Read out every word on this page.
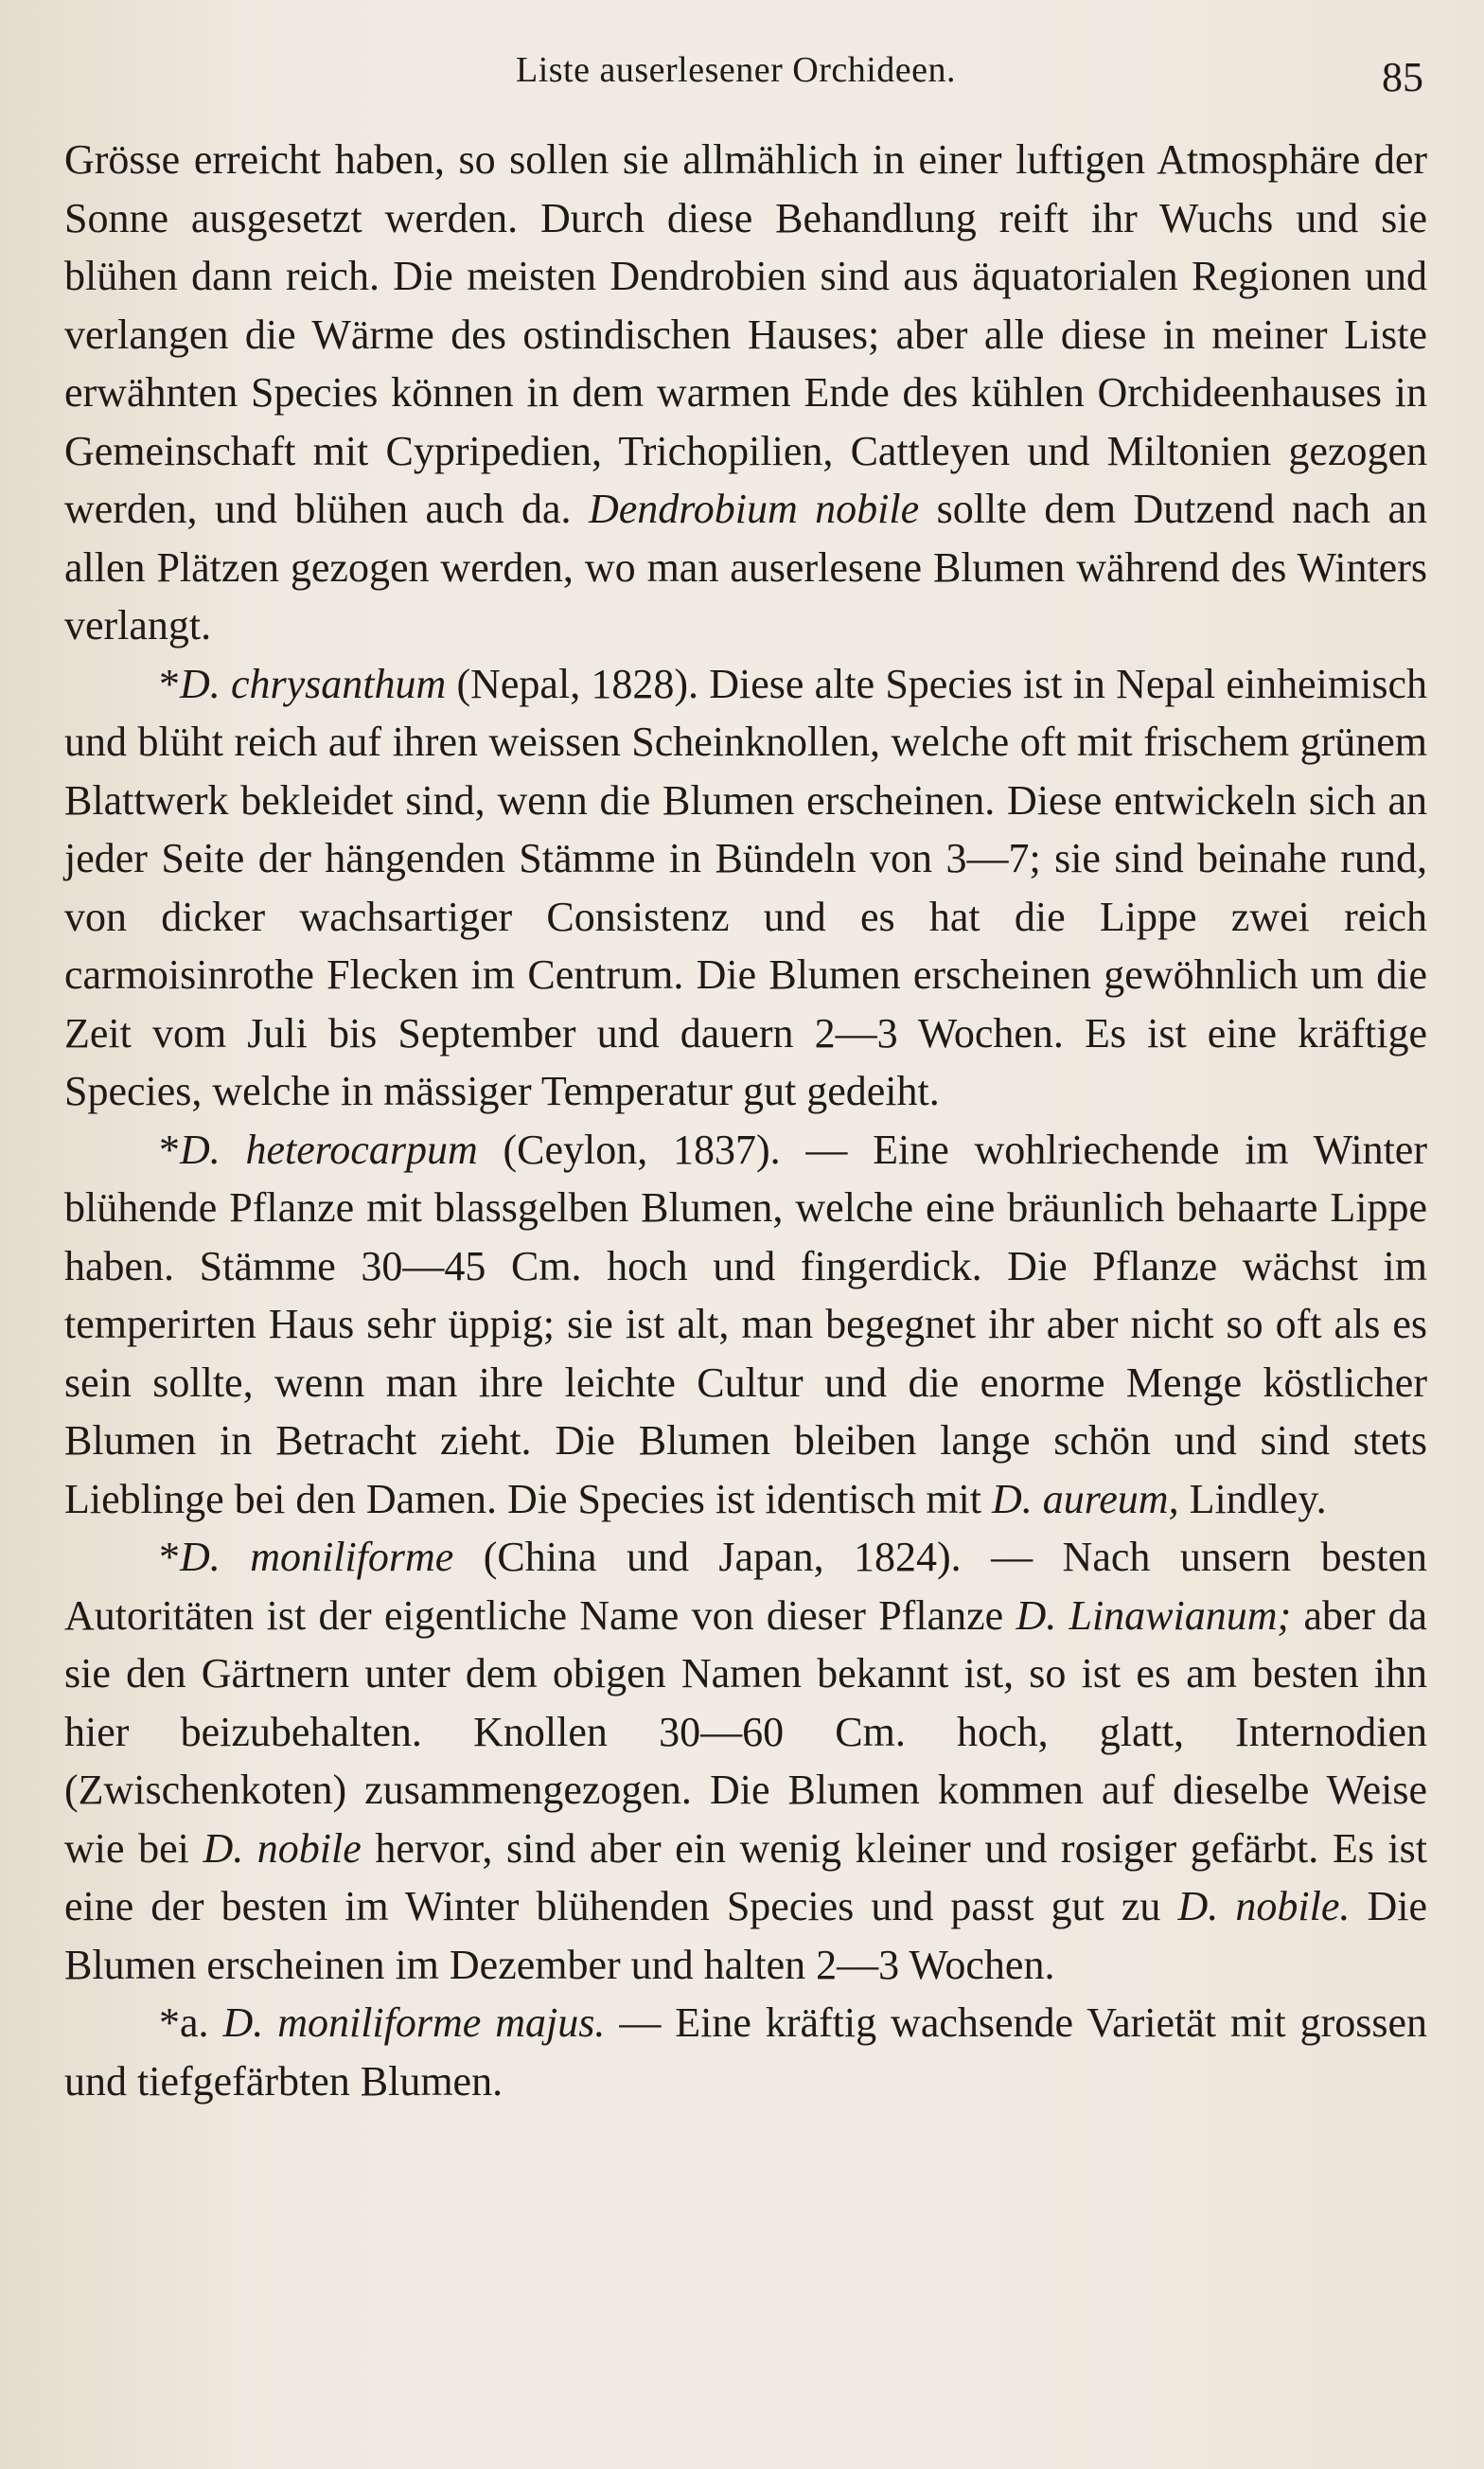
Liste auserlesener Orchideen.	85

Grösse erreicht haben, so sollen sie allmählich in einer luftigen Atmosphäre der Sonne ausgesetzt werden. Durch diese Behandlung reift ihr Wuchs und sie blühen dann reich. Die meisten Dendrobien sind aus äquatorialen Regionen und verlangen die Wärme des ostindischen Hauses; aber alle diese in meiner Liste erwähnten Species können in dem warmen Ende des kühlen Orchideenhauses in Gemeinschaft mit Cypripedien, Trichopilien, Cattleyen und Miltonien gezogen werden, und blühen auch da. Dendrobium nobile sollte dem Dutzend nach an allen Plätzen gezogen werden, wo man auserlesene Blumen während des Winters verlangt.

*D. chrysanthum (Nepal, 1828). Diese alte Species ist in Nepal einheimisch und blüht reich auf ihren weissen Scheinknollen, welche oft mit frischem grünem Blattwerk bekleidet sind, wenn die Blumen erscheinen. Diese entwickeln sich an jeder Seite der hängenden Stämme in Bündeln von 3—7; sie sind beinahe rund, von dicker wachsartiger Consistenz und es hat die Lippe zwei reich carmoisinrothe Flecken im Centrum. Die Blumen erscheinen gewöhnlich um die Zeit vom Juli bis September und dauern 2—3 Wochen. Es ist eine kräftige Species, welche in mässiger Temperatur gut gedeiht.

*D. heterocarpum (Ceylon, 1837). — Eine wohlriechende im Winter blühende Pflanze mit blassgelben Blumen, welche eine bräunlich behaarte Lippe haben. Stämme 30—45 Cm. hoch und fingerdick. Die Pflanze wächst im temperirten Haus sehr üppig; sie ist alt, man begegnet ihr aber nicht so oft als es sein sollte, wenn man ihre leichte Cultur und die enorme Menge köstlicher Blumen in Betracht zieht. Die Blumen bleiben lange schön und sind stets Lieblinge bei den Damen. Die Species ist identisch mit D. aureum, Lindley.

*D. moniliforme (China und Japan, 1824). — Nach unsern besten Autoritäten ist der eigentliche Name von dieser Pflanze D. Linawianum; aber da sie den Gärtnern unter dem obigen Namen bekannt ist, so ist es am besten ihn hier beizubehalten. Knollen 30—60 Cm. hoch, glatt, Internodien (Zwischenkoten) zusammengezogen. Die Blumen kommen auf dieselbe Weise wie bei D. nobile hervor, sind aber ein wenig kleiner und rosiger gefärbt. Es ist eine der besten im Winter blühenden Species und passt gut zu D. nobile. Die Blumen erscheinen im Dezember und halten 2—3 Wochen.

*a. D. moniliforme majus. — Eine kräftig wachsende Varietät mit grossen und tiefgefärbten Blumen.
